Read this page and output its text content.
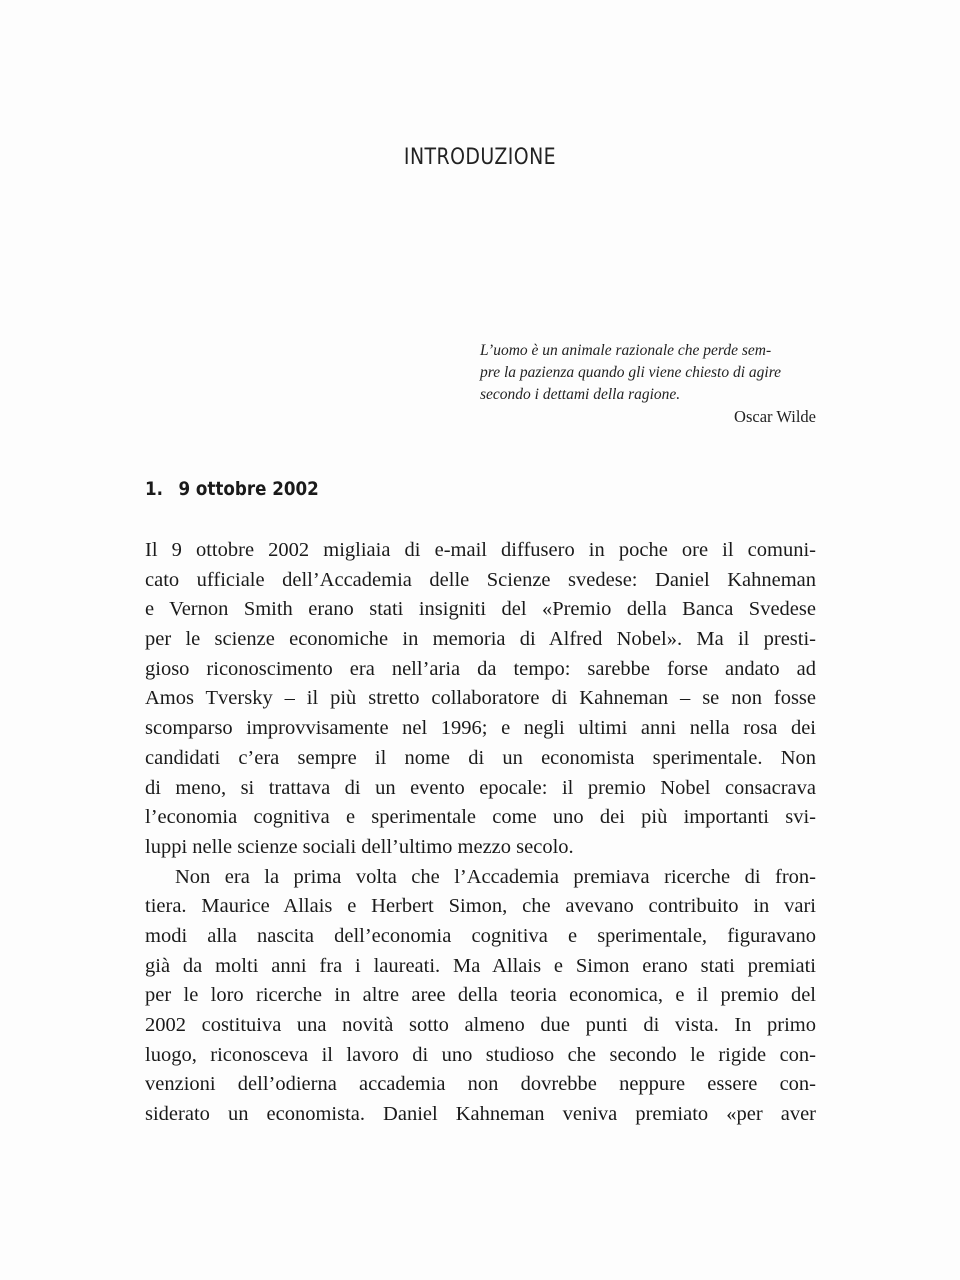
INTRODUZIONE
L’uomo è un animale razionale che perde sem-
pre la pazienza quando gli viene chiesto di agire
secondo i dettami della ragione.
Oscar Wilde
1. 9 ottobre 2002
Il 9 ottobre 2002 migliaia di e-mail diffusero in poche ore il comuni-
cato ufficiale dell’Accademia delle Scienze svedese: Daniel Kahneman
e Vernon Smith erano stati insigniti del «Premio della Banca Svedese
per le scienze economiche in memoria di Alfred Nobel». Ma il presti-
gioso riconoscimento era nell’aria da tempo: sarebbe forse andato ad
Amos Tversky – il più stretto collaboratore di Kahneman – se non fosse
scomparso improvvisamente nel 1996; e negli ultimi anni nella rosa dei
candidati c’era sempre il nome di un economista sperimentale. Non
di meno, si trattava di un evento epocale: il premio Nobel consacrava
l’economia cognitiva e sperimentale come uno dei più importanti svi-
luppi nelle scienze sociali dell’ultimo mezzo secolo.
Non era la prima volta che l’Accademia premiava ricerche di fron-
tiera. Maurice Allais e Herbert Simon, che avevano contribuito in vari
modi alla nascita dell’economia cognitiva e sperimentale, figuravano
già da molti anni fra i laureati. Ma Allais e Simon erano stati premiati
per le loro ricerche in altre aree della teoria economica, e il premio del
2002 costituiva una novità sotto almeno due punti di vista. In primo
luogo, riconosceva il lavoro di uno studioso che secondo le rigide con-
venzioni dell’odierna accademia non dovrebbe neppure essere con-
siderato un economista. Daniel Kahneman veniva premiato «per aver
